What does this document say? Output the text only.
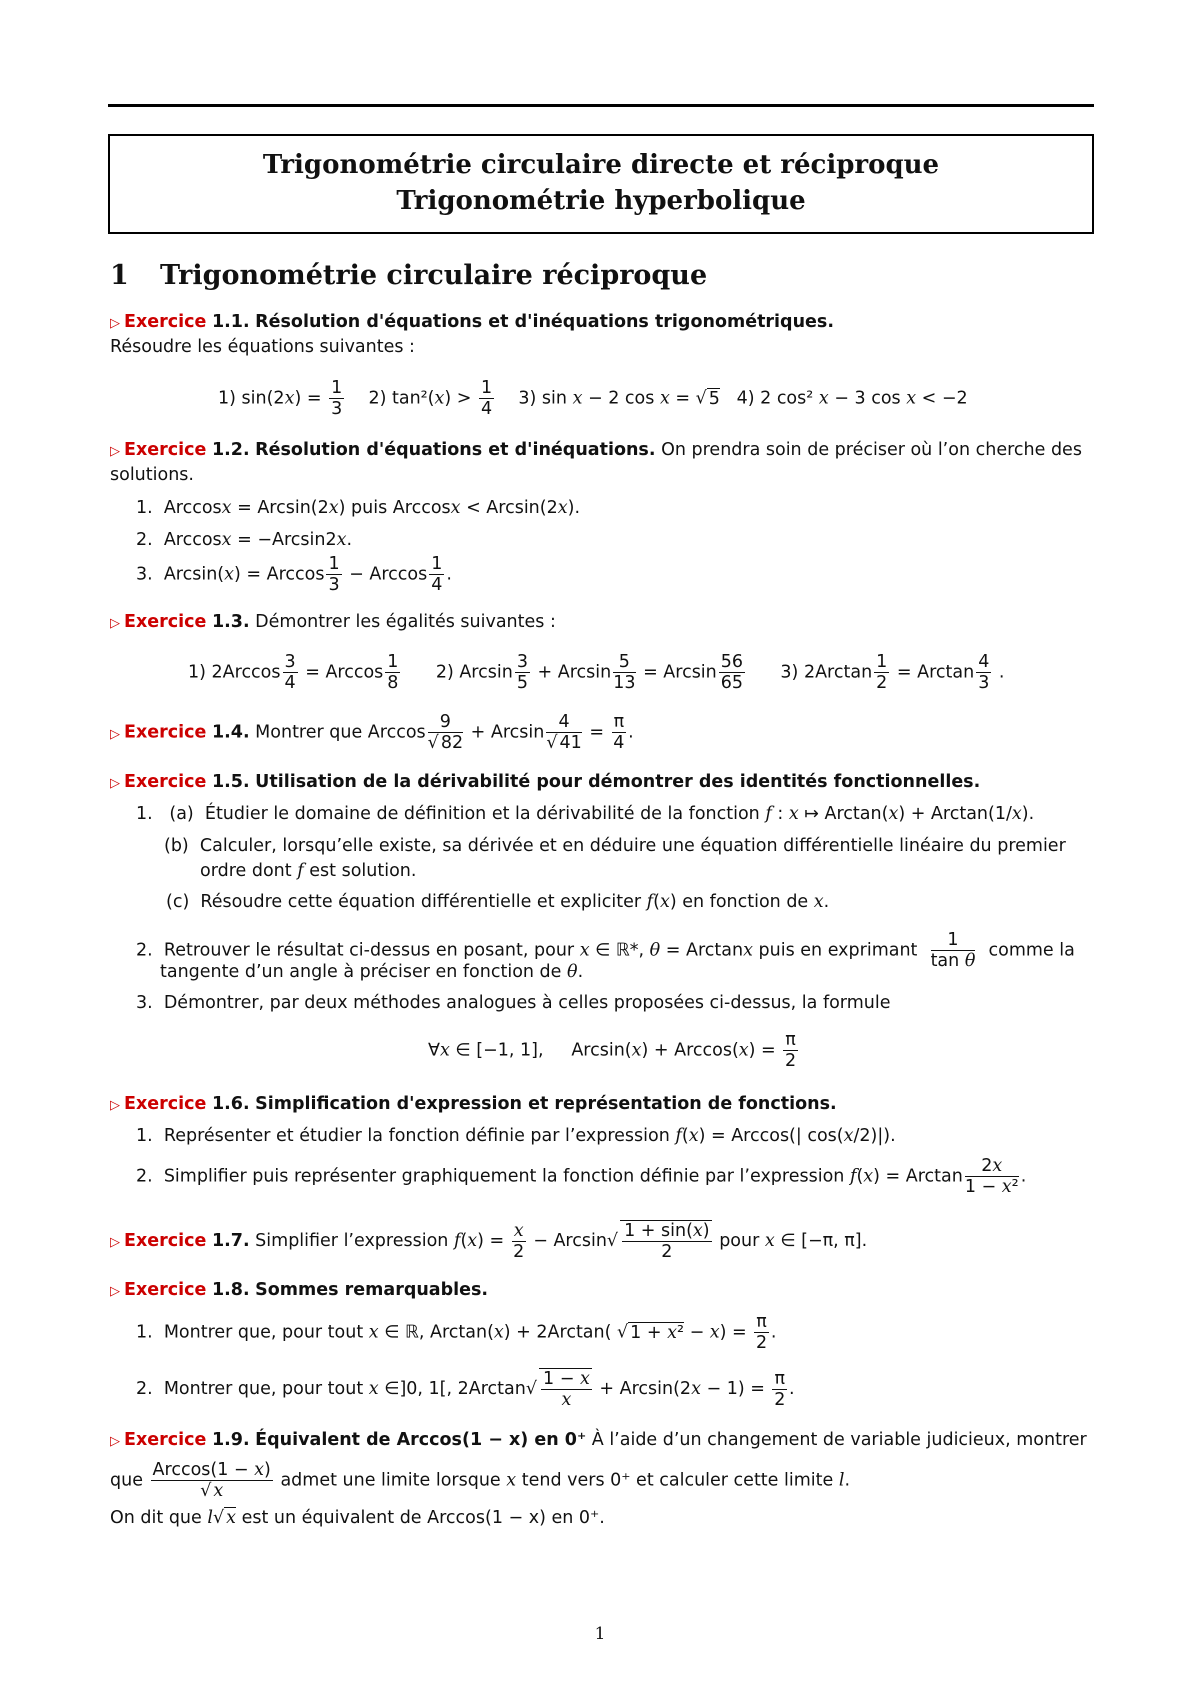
Trigonométrie circulaire directe et réciproque
Trigonométrie hyperbolique
1 Trigonométrie circulaire réciproque
▷ Exercice 1.1. Résolution d'équations et d'inéquations trigonométriques.
Résoudre les équations suivantes :
1) $\sin(2x) = \frac{1}{3} 2$) $\tan^2(x) > \frac{1}{4} 3$) sin x − 2 cos x = √ 5   4) 2 cos² x − 3 cos x < −2
▷ Exercice 1.2. Résolution d'équations et d'inéquations. On prendra soin de préciser où l’on cherche des
solutions.
1.  Arccosx = Arcsin(2x) puis Arccosx < Arcsin(2x).
2.  Arccosx = −Arcsin2x.
3.  Arcsin(x) = Arccos $\frac{1}{3} - Arccos \frac{1}{4}$ .
▷ Exercice 1.3. Démontrer les égalités suivantes :
1) $2Arccos \frac{3}{4} = Arccos \frac{1}{8} 2$) Arcsin $\frac{3}{5} + Arcsin \frac{5}{13} = Arcsin \frac{56}{65} 3$) $2Arctan \frac{1}{2} = Arctan \frac{4}{3}$ .
▷ Exercice 1.4. Montrer que Arccos $\frac{9}{√ 82} + Arcsin \frac{4}{√ 41} = \frac{\pi}{4}$ .
▷ Exercice 1.5. Utilisation de la dérivabilité pour démontrer des identités fonctionnelles.
1.   (a)  Étudier le domaine de définition et la dérivabilité de la fonction f : x ↦ Arctan(x) + Arctan(1/x).
(b)  Calculer, lorsqu’elle existe, sa dérivée et en déduire une équation différentielle linéaire du premier
ordre dont f est solution.
(c)  Résoudre cette équation différentielle et expliciter f(x) en fonction de x.
2.  Retrouver le résultat ci-dessus en posant, pour x ∈ ℝ*, θ = Arctanx puis en exprimant $\frac{1}{\text{tan θ}}$ comme la
tangente d’un angle à préciser en fonction de θ.
3.  Démontrer, par deux méthodes analogues à celles proposées ci-dessus, la formule
∀x ∈ [−1, 1],     $Arcsin(x) + Arccos(x) = \frac{\pi}{2}$
▷ Exercice 1.6. Simplification d'expression et représentation de fonctions.
1.  Représenter et étudier la fonction définie par l’expression f(x) = Arccos(| cos(x/2)|).
2.  Simplifier puis représenter graphiquement la fonction définie par l’expression f(x) = Arctan $\frac{2x}{\text{1 − x²}}$ .
▷ Exercice 1.7. Simplifier l’expression $f(x) = \frac{x}{2} - Arcsin√ \frac{1 + \sin(x)}{2}$ pour x ∈ [−π, π].
▷ Exercice 1.8. Sommes remarquables.
1.  Montrer que, pour tout x ∈ ℝ, Arctan(x) + 2Arctan( √ $1 + x^2 - x) = \frac{\pi}{2}$ .
2.  Montrer que, pour tout x ∈]0, 1[, $2Arctan√ \frac{1 - x}{x} + Arcsin(2x - 1) = \frac{\pi}{2}$ .
▷ Exercice 1.9. Équivalent de Arccos(1 − x) en 0⁺ À l’aide d’un changement de variable judicieux, montrer
que
Arccos(1 − x)
√ x
admet une limite lorsque x tend vers 0⁺ et calculer cette limite l.
On dit que l√ x est un équivalent de Arccos(1 − x) en 0⁺.
1
